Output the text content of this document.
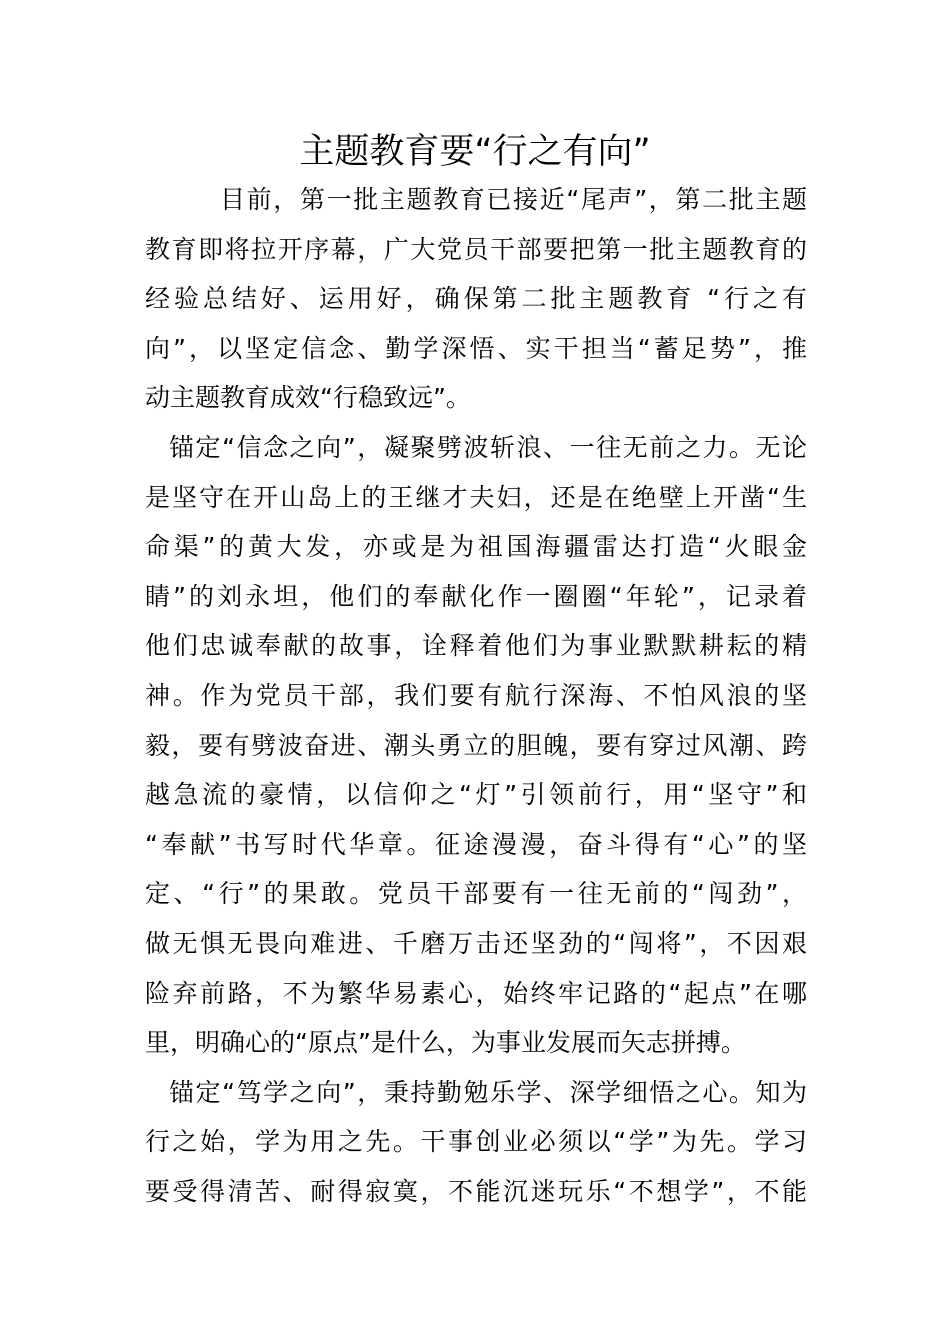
主题教育要“行之有向”
目前，第一批主题教育已接近“尾声”，第二批主题
教育即将拉开序幕，广大党员干部要把第一批主题教育的
经验总结好、运用好，确保第二批主题教育 “行之有
向”，以坚定信念、勤学深悟、实干担当“蓄足势”，推
动主题教育成效“行稳致远”。
锚定“信念之向”，凝聚劈波斩浪、一往无前之力。无论
是坚守在开山岛上的王继才夫妇，还是在绝壁上开凿“生
命渠”的黄大发，亦或是为祖国海疆雷达打造“火眼金
睛”的刘永坦，他们的奉献化作一圈圈“年轮”，记录着
他们忠诚奉献的故事，诠释着他们为事业默默耕耘的精
神。作为党员干部，我们要有航行深海、不怕风浪的坚
毅，要有劈波奋进、潮头勇立的胆魄，要有穿过风潮、跨
越急流的豪情，以信仰之“灯”引领前行，用“坚守”和
“奉献”书写时代华章。征途漫漫，奋斗得有“心”的坚
定、“行”的果敢。党员干部要有一往无前的“闯劲”，
做无惧无畏向难进、千磨万击还坚劲的“闯将”，不因艰
险弃前路，不为繁华易素心，始终牢记路的“起点”在哪
里，明确心的“原点”是什么，为事业发展而矢志拼搏。
锚定“笃学之向”，秉持勤勉乐学、深学细悟之心。知为
行之始，学为用之先。干事创业必须以“学”为先。学习
要受得清苦、耐得寂寞，不能沉迷玩乐“不想学”，不能
